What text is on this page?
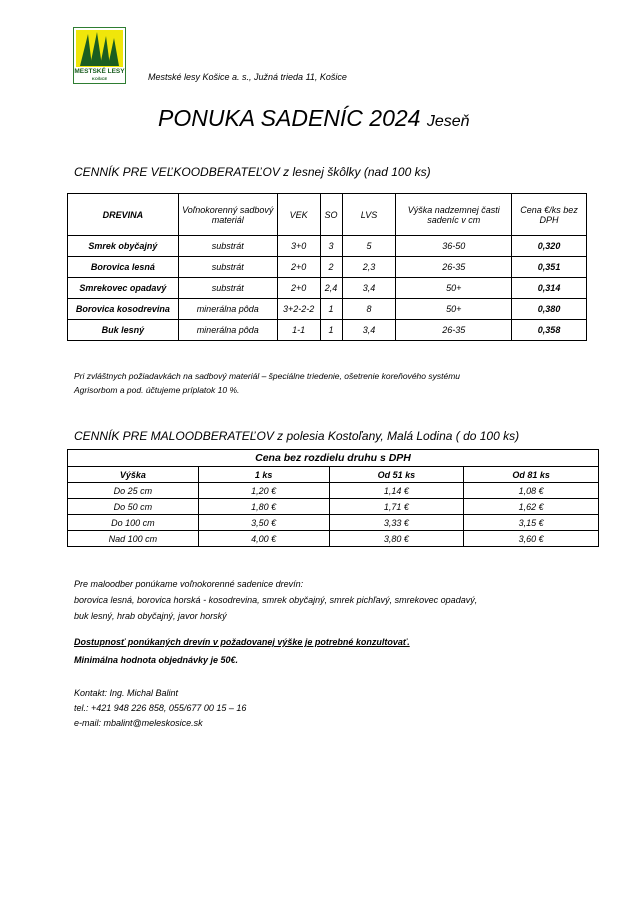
MESTSKÉ LESY
KOŠICE	Mestské lesy Košice a. s., Južná trieda 11, Košice
PONUKA SADENÍC 2024 Jeseň
CENNÍK PRE VEĽKOODBERATEĽOV z lesnej škôlky (nad 100 ks)
DREVINA	Voľnokorenný sadbový materiál	VEK	SO	LVS	Výška nadzemnej časti sadeníc v cm	Cena €/ks bez DPH
Smrek obyčajný	substrát	3+0	3	5	36-50	0,320
Borovica lesná	substrát	2+0	2	2,3	26-35	0,351
Smrekovec opadavý	substrát	2+0	2,4	3,4	50+	0,314
Borovica kosodrevina	minerálna pôda	3+2-2-2	1	8	50+	0,380
Buk lesný	minerálna pôda	1-1	1	3,4	26-35	0,358
Pri zvláštnych požiadavkách na sadbový materiál – špeciálne triedenie, ošetrenie koreňového systému
Agrisorbom a pod. účtujeme príplatok 10 %.
CENNÍK PRE MALOODBERATEĽOV z polesia Kostoľany, Malá Lodina ( do 100 ks)
Cena bez rozdielu druhu s DPH			
Výška	1 ks	Od 51 ks	Od 81 ks
Do 25 cm	1,20 €	1,14 €	1,08 €
Do 50 cm	1,80 €	1,71 €	1,62 €
Do 100 cm	3,50 €	3,33 €	3,15 €
Nad 100 cm	4,00 €	3,80 €	3,60 €
Pre maloodber ponúkame voľnokorenné sadenice drevín:
borovica lesná, borovica horská - kosodrevina, smrek obyčajný, smrek pichľavý, smrekovec opadavý,
buk lesný, hrab obyčajný, javor horský
Dostupnosť ponúkaných drevín v požadovanej výške je potrebné konzultovať.
Minimálna hodnota objednávky je 50€.
Kontakt: Ing. Michal Balint
tel.: +421 948 226 858, 055/677 00 15 – 16
e-mail: mbalint@meleskosice.sk
